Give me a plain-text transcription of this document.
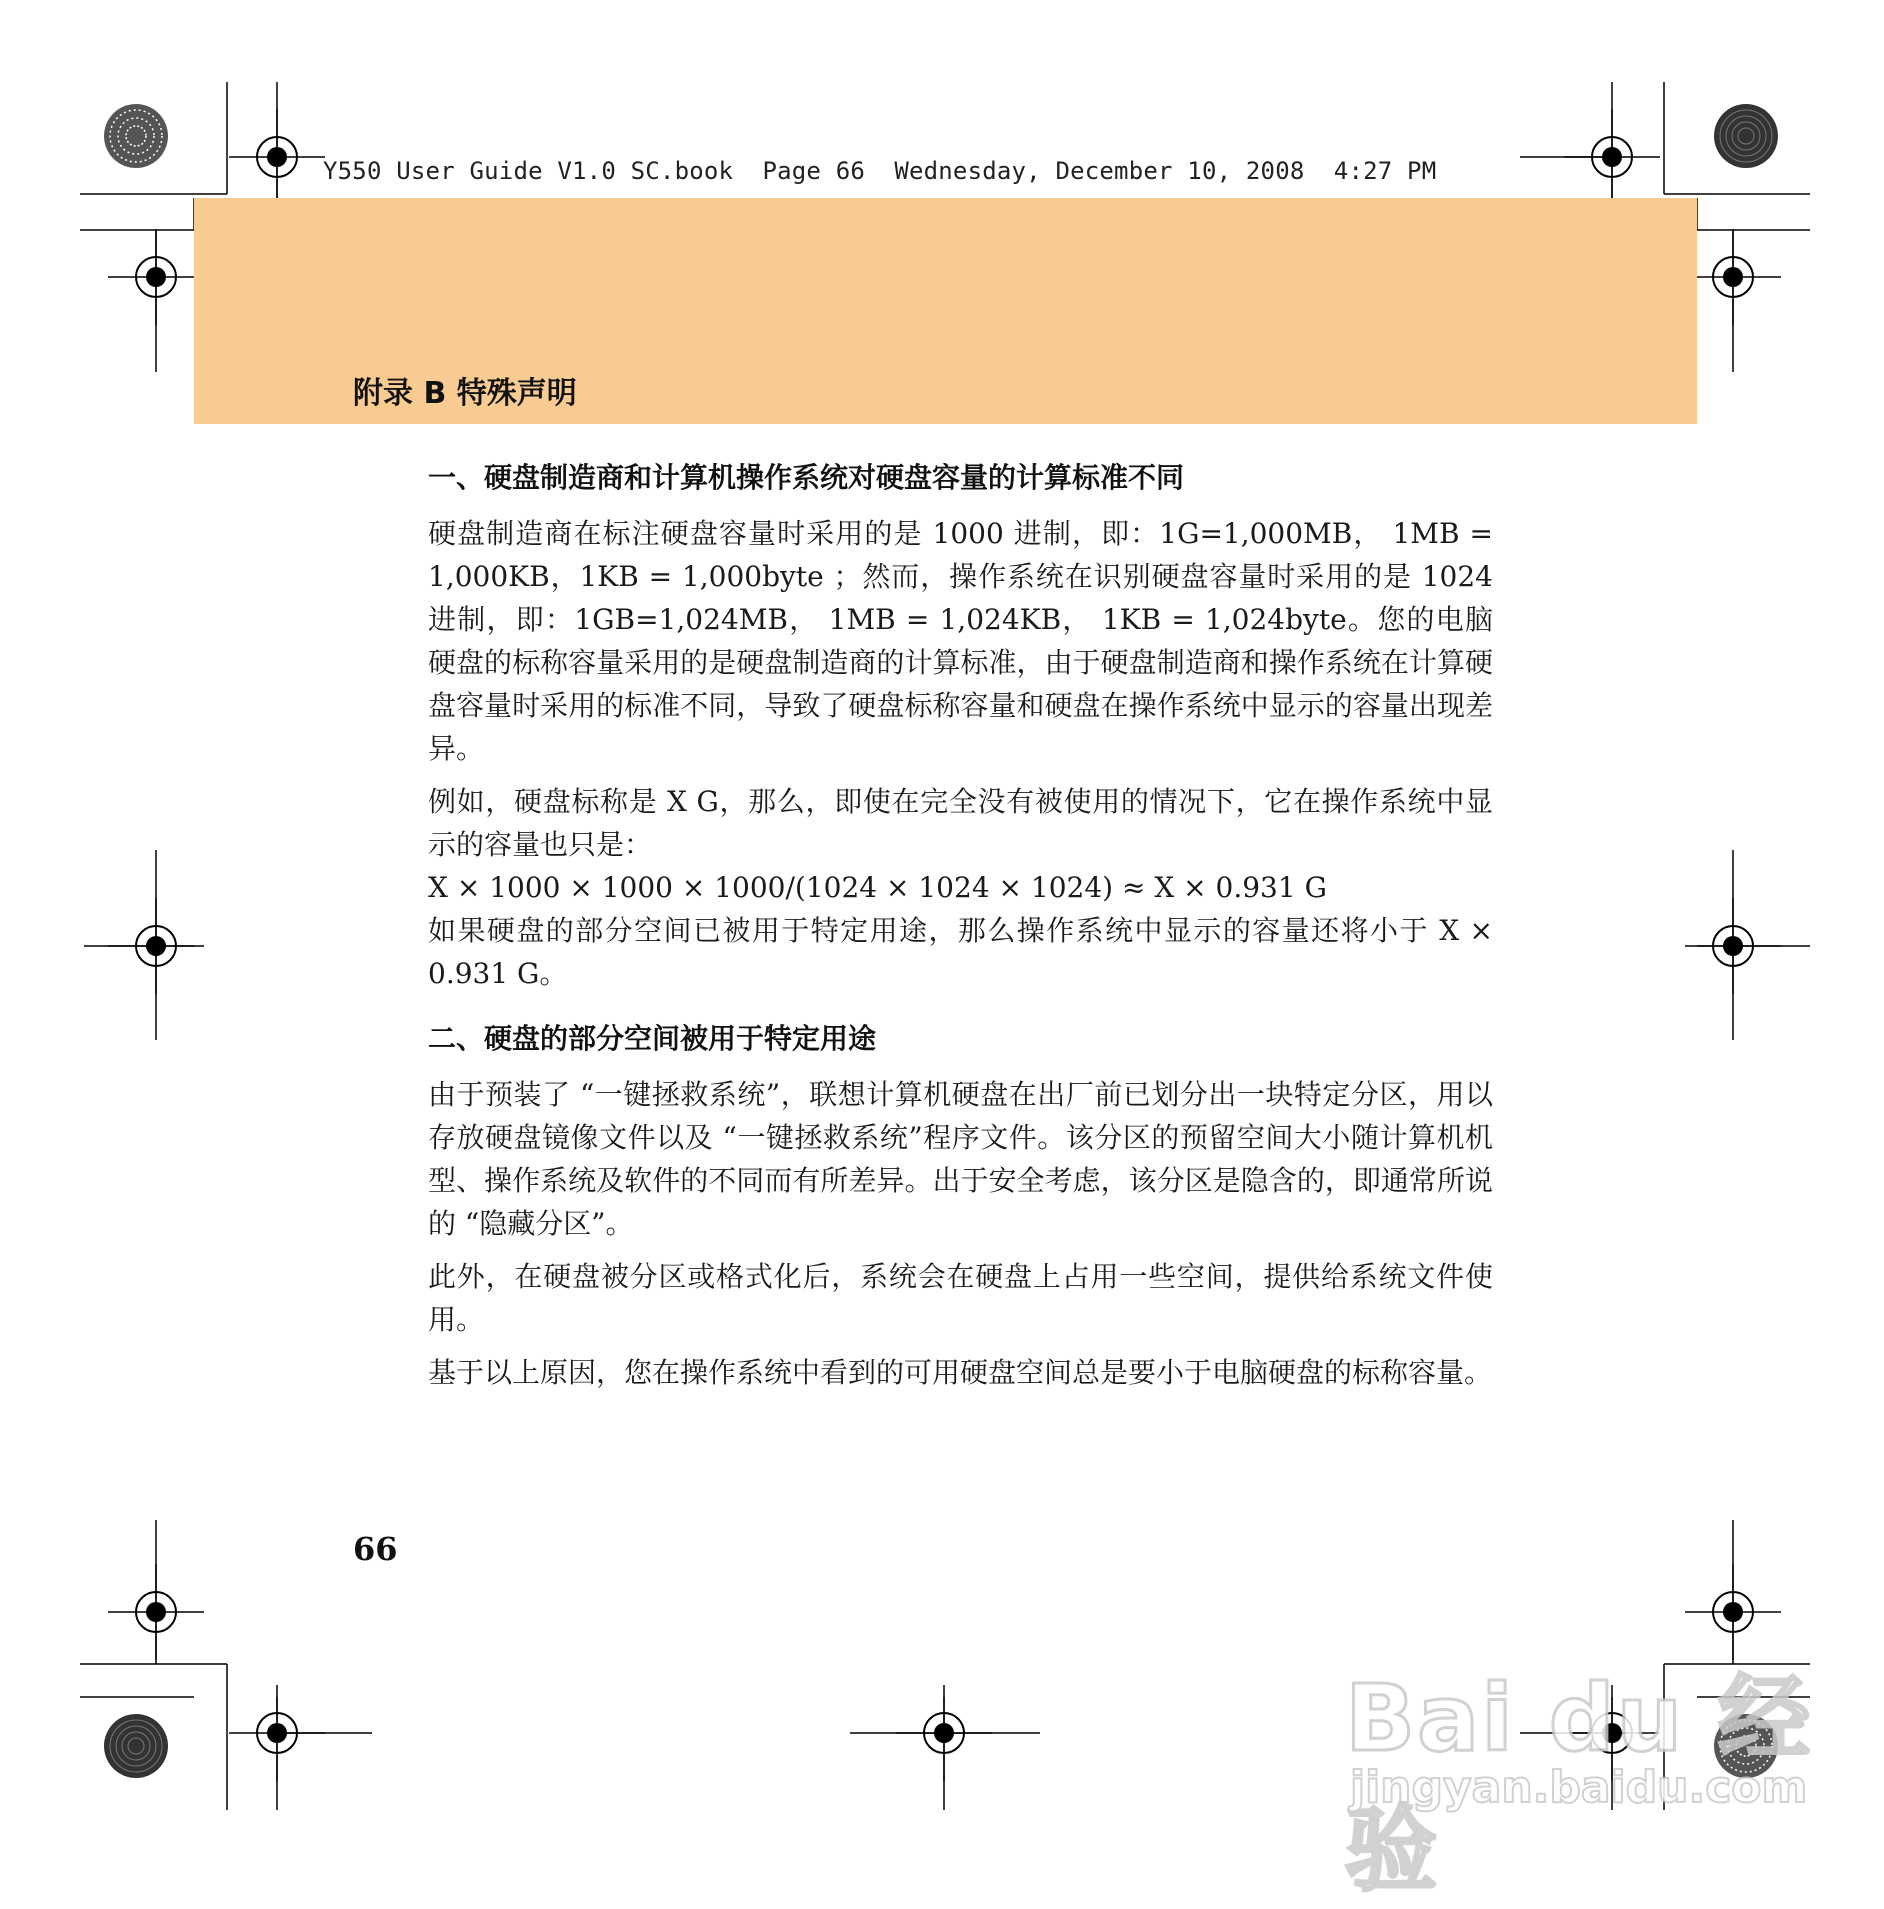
Y550 User Guide V1.0 SC.book  Page 66  Wednesday, December 10, 2008  4:27 PM
附录 B 特殊声明
一、硬盘制造商和计算机操作系统对硬盘容量的计算标准不同
硬盘制造商在标注硬盘容量时采用的是 1000 进制，即：1G=1,000MB， 1MB = 1,000KB，1KB = 1,000byte ；然而，操作系统在识别硬盘容量时采用的是 1024 进制，即：1GB=1,024MB， 1MB = 1,024KB， 1KB = 1,024byte。您的电脑硬盘的标称容量采用的是硬盘制造商的计算标准，由于硬盘制造商和操作系统在计算硬盘容量时采用的标准不同，导致了硬盘标称容量和硬盘在操作系统中显示的容量出现差异。
例如，硬盘标称是 X G，那么，即使在完全没有被使用的情况下，它在操作系统中显示的容量也只是：
X × 1000 × 1000 × 1000/(1024 × 1024 × 1024) ≈ X × 0.931 G
如果硬盘的部分空间已被用于特定用途，那么操作系统中显示的容量还将小于 X × 0.931 G。
二、硬盘的部分空间被用于特定用途
由于预装了 “一键拯救系统”，联想计算机硬盘在出厂前已划分出一块特定分区，用以存放硬盘镜像文件以及 “一键拯救系统”程序文件。该分区的预留空间大小随计算机机型、操作系统及软件的不同而有所差异。出于安全考虑，该分区是隐含的，即通常所说的 “隐藏分区”。
此外，在硬盘被分区或格式化后，系统会在硬盘上占用一些空间，提供给系统文件使用。
基于以上原因，您在操作系统中看到的可用硬盘空间总是要小于电脑硬盘的标称容量。
66
Bai du 经验
jingyan.baidu.com
